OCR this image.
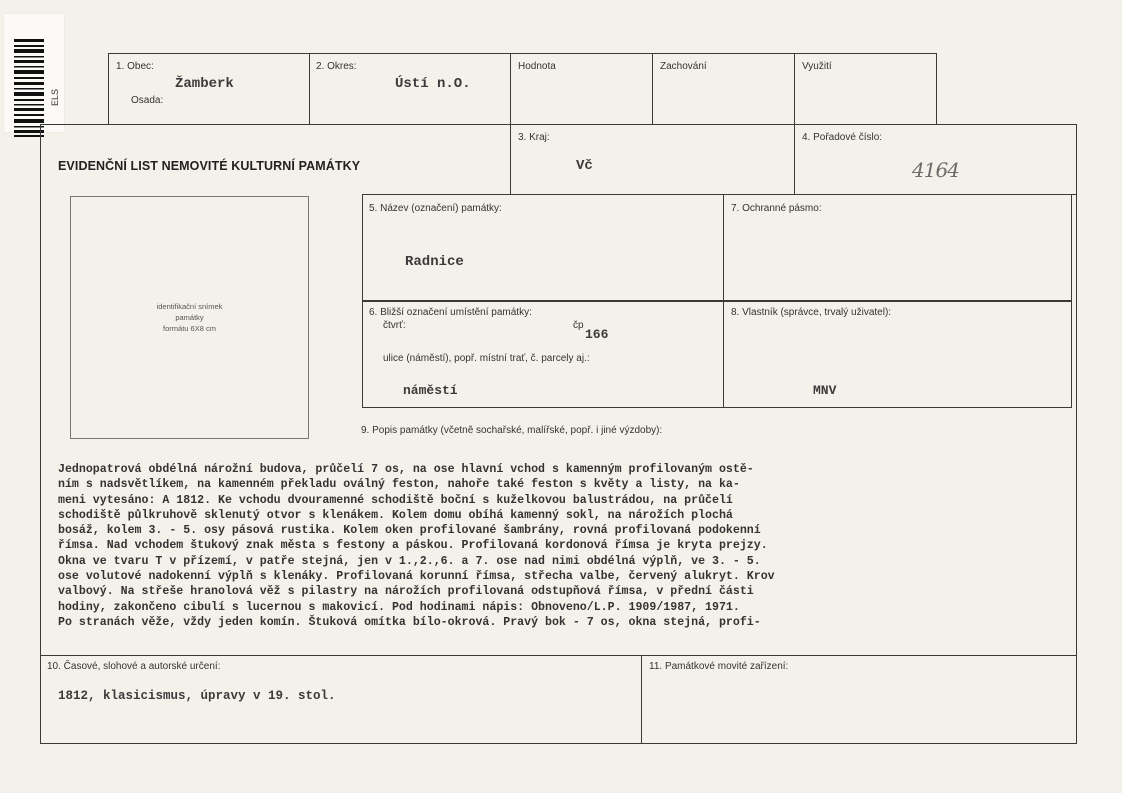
ELS
1. Obec:
Žamberk
Osada:
2. Okres:
Ústí n.O.
Hodnota	Zachování	Využití
EVIDENČNÍ LIST NEMOVITÉ KULTURNÍ PAMÁTKY
3. Kraj:
Vč
4. Pořadové číslo:
4164
identifikační snímek
památky
formátu 6X8 cm
5. Název (označení) památky:
Radnice
7. Ochranné pásmo:
6. Bližší označení umístění památky:
čtvrť:	čp
166
ulice (náměstí), popř. místní trať, č. parcely aj.:
náměstí
8. Vlastník (správce, trvalý uživatel):
MNV
9. Popis památky (včetně sochařské, malířské, popř. i jiné výzdoby):
Jednopatrová obdélná nárožní budova, průčelí 7 os, na ose hlavní vchod s kamenným profilovaným ostě-
ním s nadsvětlíkem, na kamenném překladu oválný feston, nahoře také feston s květy a listy, na ka-
meni vytesáno: A 1812. Ke vchodu dvouramenné schodiště boční s kuželkovou balustrádou, na průčelí
schodiště půlkruhově sklenutý otvor s klenákem. Kolem domu obíhá kamenný sokl, na nárožích plochá
bosáž, kolem 3. - 5. osy pásová rustika. Kolem oken profilované šambrány, rovná profilovaná podokenní
římsa. Nad vchodem štukový znak města s festony a páskou. Profilovaná kordonová římsa je kryta prejzy.
Okna ve tvaru T v přízemí, v patře stejná, jen v 1.,2.,6. a 7. ose nad nimi obdélná výplň, ve 3. - 5.
ose volutové nadokenní výplň s klenáky. Profilovaná korunní římsa, střecha valbe, červený alukryt. Krov
valbový. Na střeše hranolová věž s pilastry na nárožích profilovaná odstupňová římsa, v přední části
hodiny, zakončeno cibulí s lucernou s makovicí. Pod hodinami nápis: Obnoveno/L.P. 1909/1987, 1971.
Po stranách věže, vždy jeden komín. Štuková omítka bílo-okrová. Pravý bok - 7 os, okna stejná, profi-
10. Časové, slohové a autorské určení:
1812, klasicismus, úpravy v 19. stol.
11. Památkové movité zařízení:
